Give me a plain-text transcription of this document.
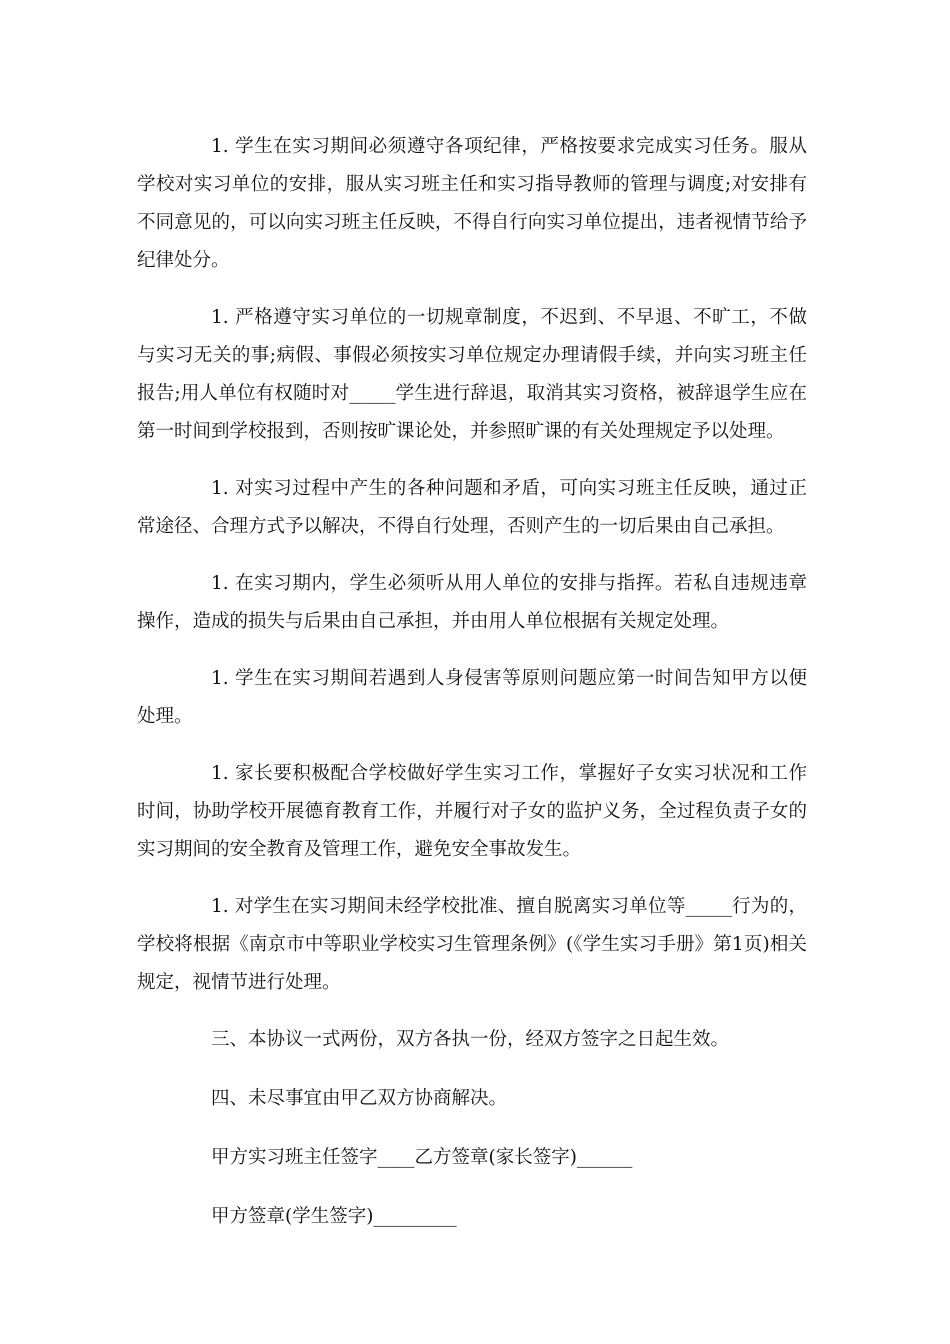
1. 学生在实习期间必须遵守各项纪律，严格按要求完成实习任务。服从学校对实习单位的安排，服从实习班主任和实习指导教师的管理与调度;对安排有不同意见的，可以向实习班主任反映，不得自行向实习单位提出，违者视情节给予纪律处分。

1. 严格遵守实习单位的一切规章制度，不迟到、不早退、不旷工，不做与实习无关的事;病假、事假必须按实习单位规定办理请假手续，并向实习班主任报告;用人单位有权随时对_____学生进行辞退，取消其实习资格，被辞退学生应在第一时间到学校报到，否则按旷课论处，并参照旷课的有关处理规定予以处理。

1. 对实习过程中产生的各种问题和矛盾，可向实习班主任反映，通过正常途径、合理方式予以解决，不得自行处理，否则产生的一切后果由自己承担。

1. 在实习期内，学生必须听从用人单位的安排与指挥。若私自违规违章操作，造成的损失与后果由自己承担，并由用人单位根据有关规定处理。

1. 学生在实习期间若遇到人身侵害等原则问题应第一时间告知甲方以便处理。

1. 家长要积极配合学校做好学生实习工作，掌握好子女实习状况和工作时间，协助学校开展德育教育工作，并履行对子女的监护义务，全过程负责子女的实习期间的安全教育及管理工作，避免安全事故发生。

1. 对学生在实习期间未经学校批准、擅自脱离实习单位等_____行为的，学校将根据《南京市中等职业学校实习生管理条例》(《学生实习手册》第1页)相关规定，视情节进行处理。

三、本协议一式两份，双方各执一份，经双方签字之日起生效。

四、未尽事宜由甲乙双方协商解决。

甲方实习班主任签字____乙方签章(家长签字)______

甲方签章(学生签字)_________
